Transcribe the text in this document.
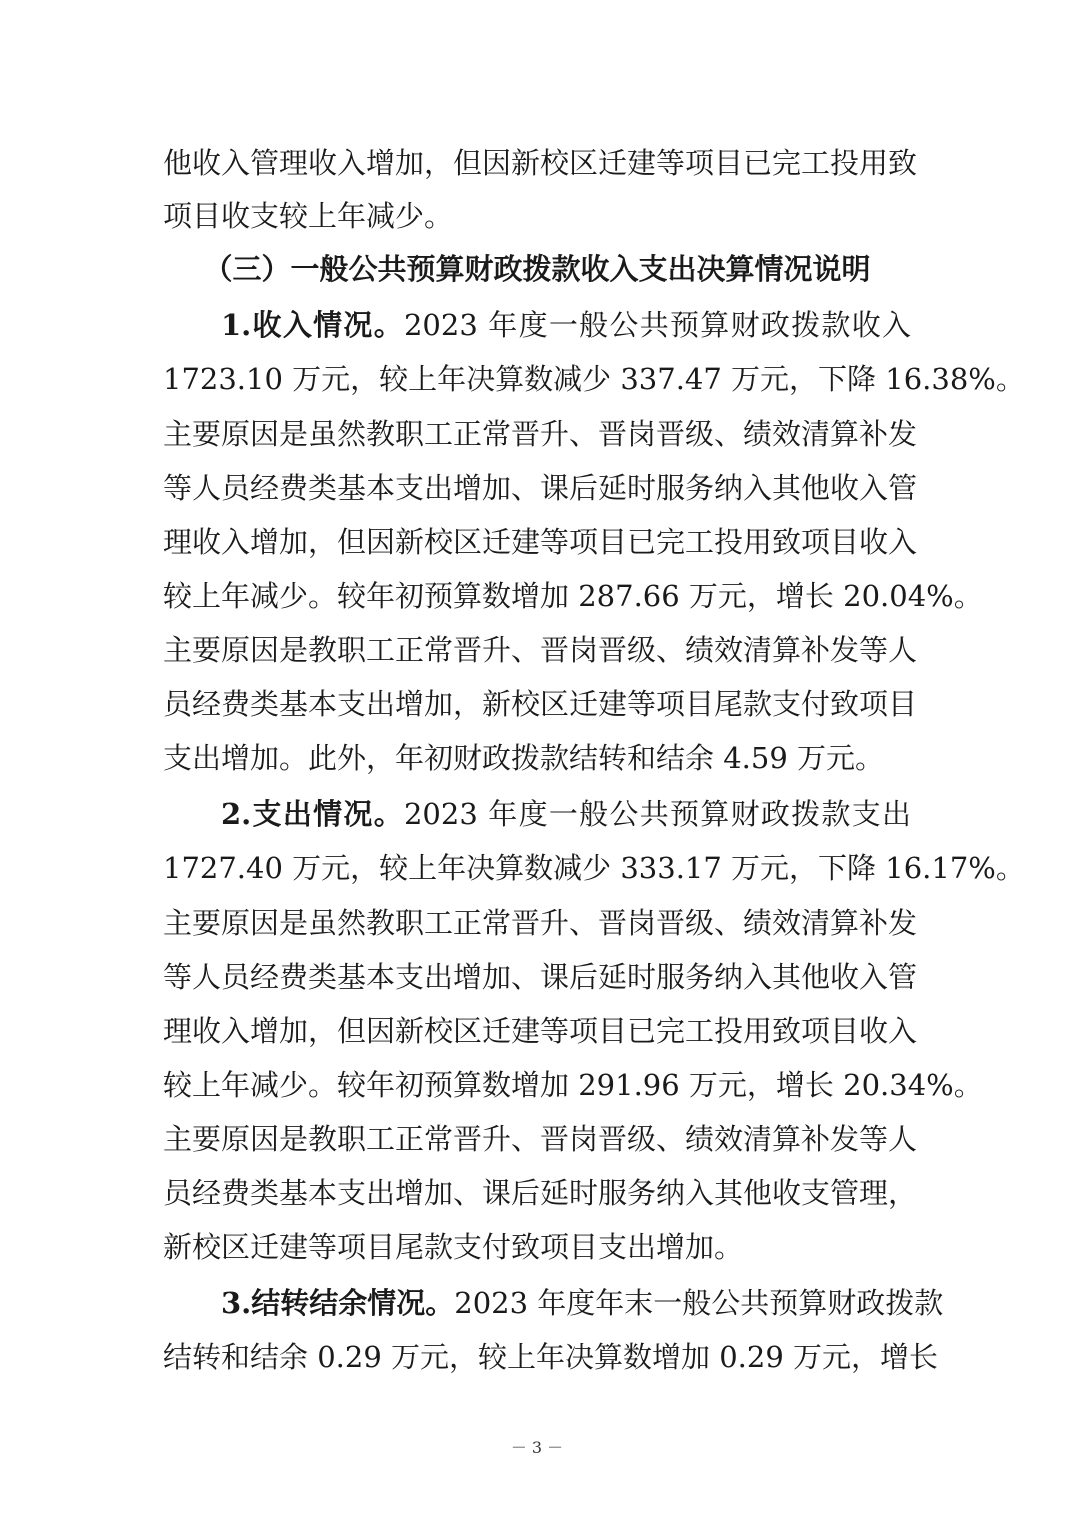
他收入管理收入增加，但因新校区迁建等项目已完工投用致
项目收支较上年减少。
（三）一般公共预算财政拨款收入支出决算情况说明
1.收入情况。2023 年度一般公共预算财政拨款收入
1723.10 万元，较上年决算数减少 337.47 万元，下降 16.38%。
主要原因是虽然教职工正常晋升、晋岗晋级、绩效清算补发
等人员经费类基本支出增加、课后延时服务纳入其他收入管
理收入增加，但因新校区迁建等项目已完工投用致项目收入
较上年减少。较年初预算数增加 287.66 万元，增长 20.04%。
主要原因是教职工正常晋升、晋岗晋级、绩效清算补发等人
员经费类基本支出增加，新校区迁建等项目尾款支付致项目
支出增加。此外，年初财政拨款结转和结余 4.59 万元。
2.支出情况。2023 年度一般公共预算财政拨款支出
1727.40 万元，较上年决算数减少 333.17 万元，下降 16.17%。
主要原因是虽然教职工正常晋升、晋岗晋级、绩效清算补发
等人员经费类基本支出增加、课后延时服务纳入其他收入管
理收入增加，但因新校区迁建等项目已完工投用致项目收入
较上年减少。较年初预算数增加 291.96 万元，增长 20.34%。
主要原因是教职工正常晋升、晋岗晋级、绩效清算补发等人
员经费类基本支出增加、课后延时服务纳入其他收支管理，
新校区迁建等项目尾款支付致项目支出增加。
3.结转结余情况。2023 年度年末一般公共预算财政拨款
结转和结余 0.29 万元，较上年决算数增加 0.29 万元，增长
－ 3 －
